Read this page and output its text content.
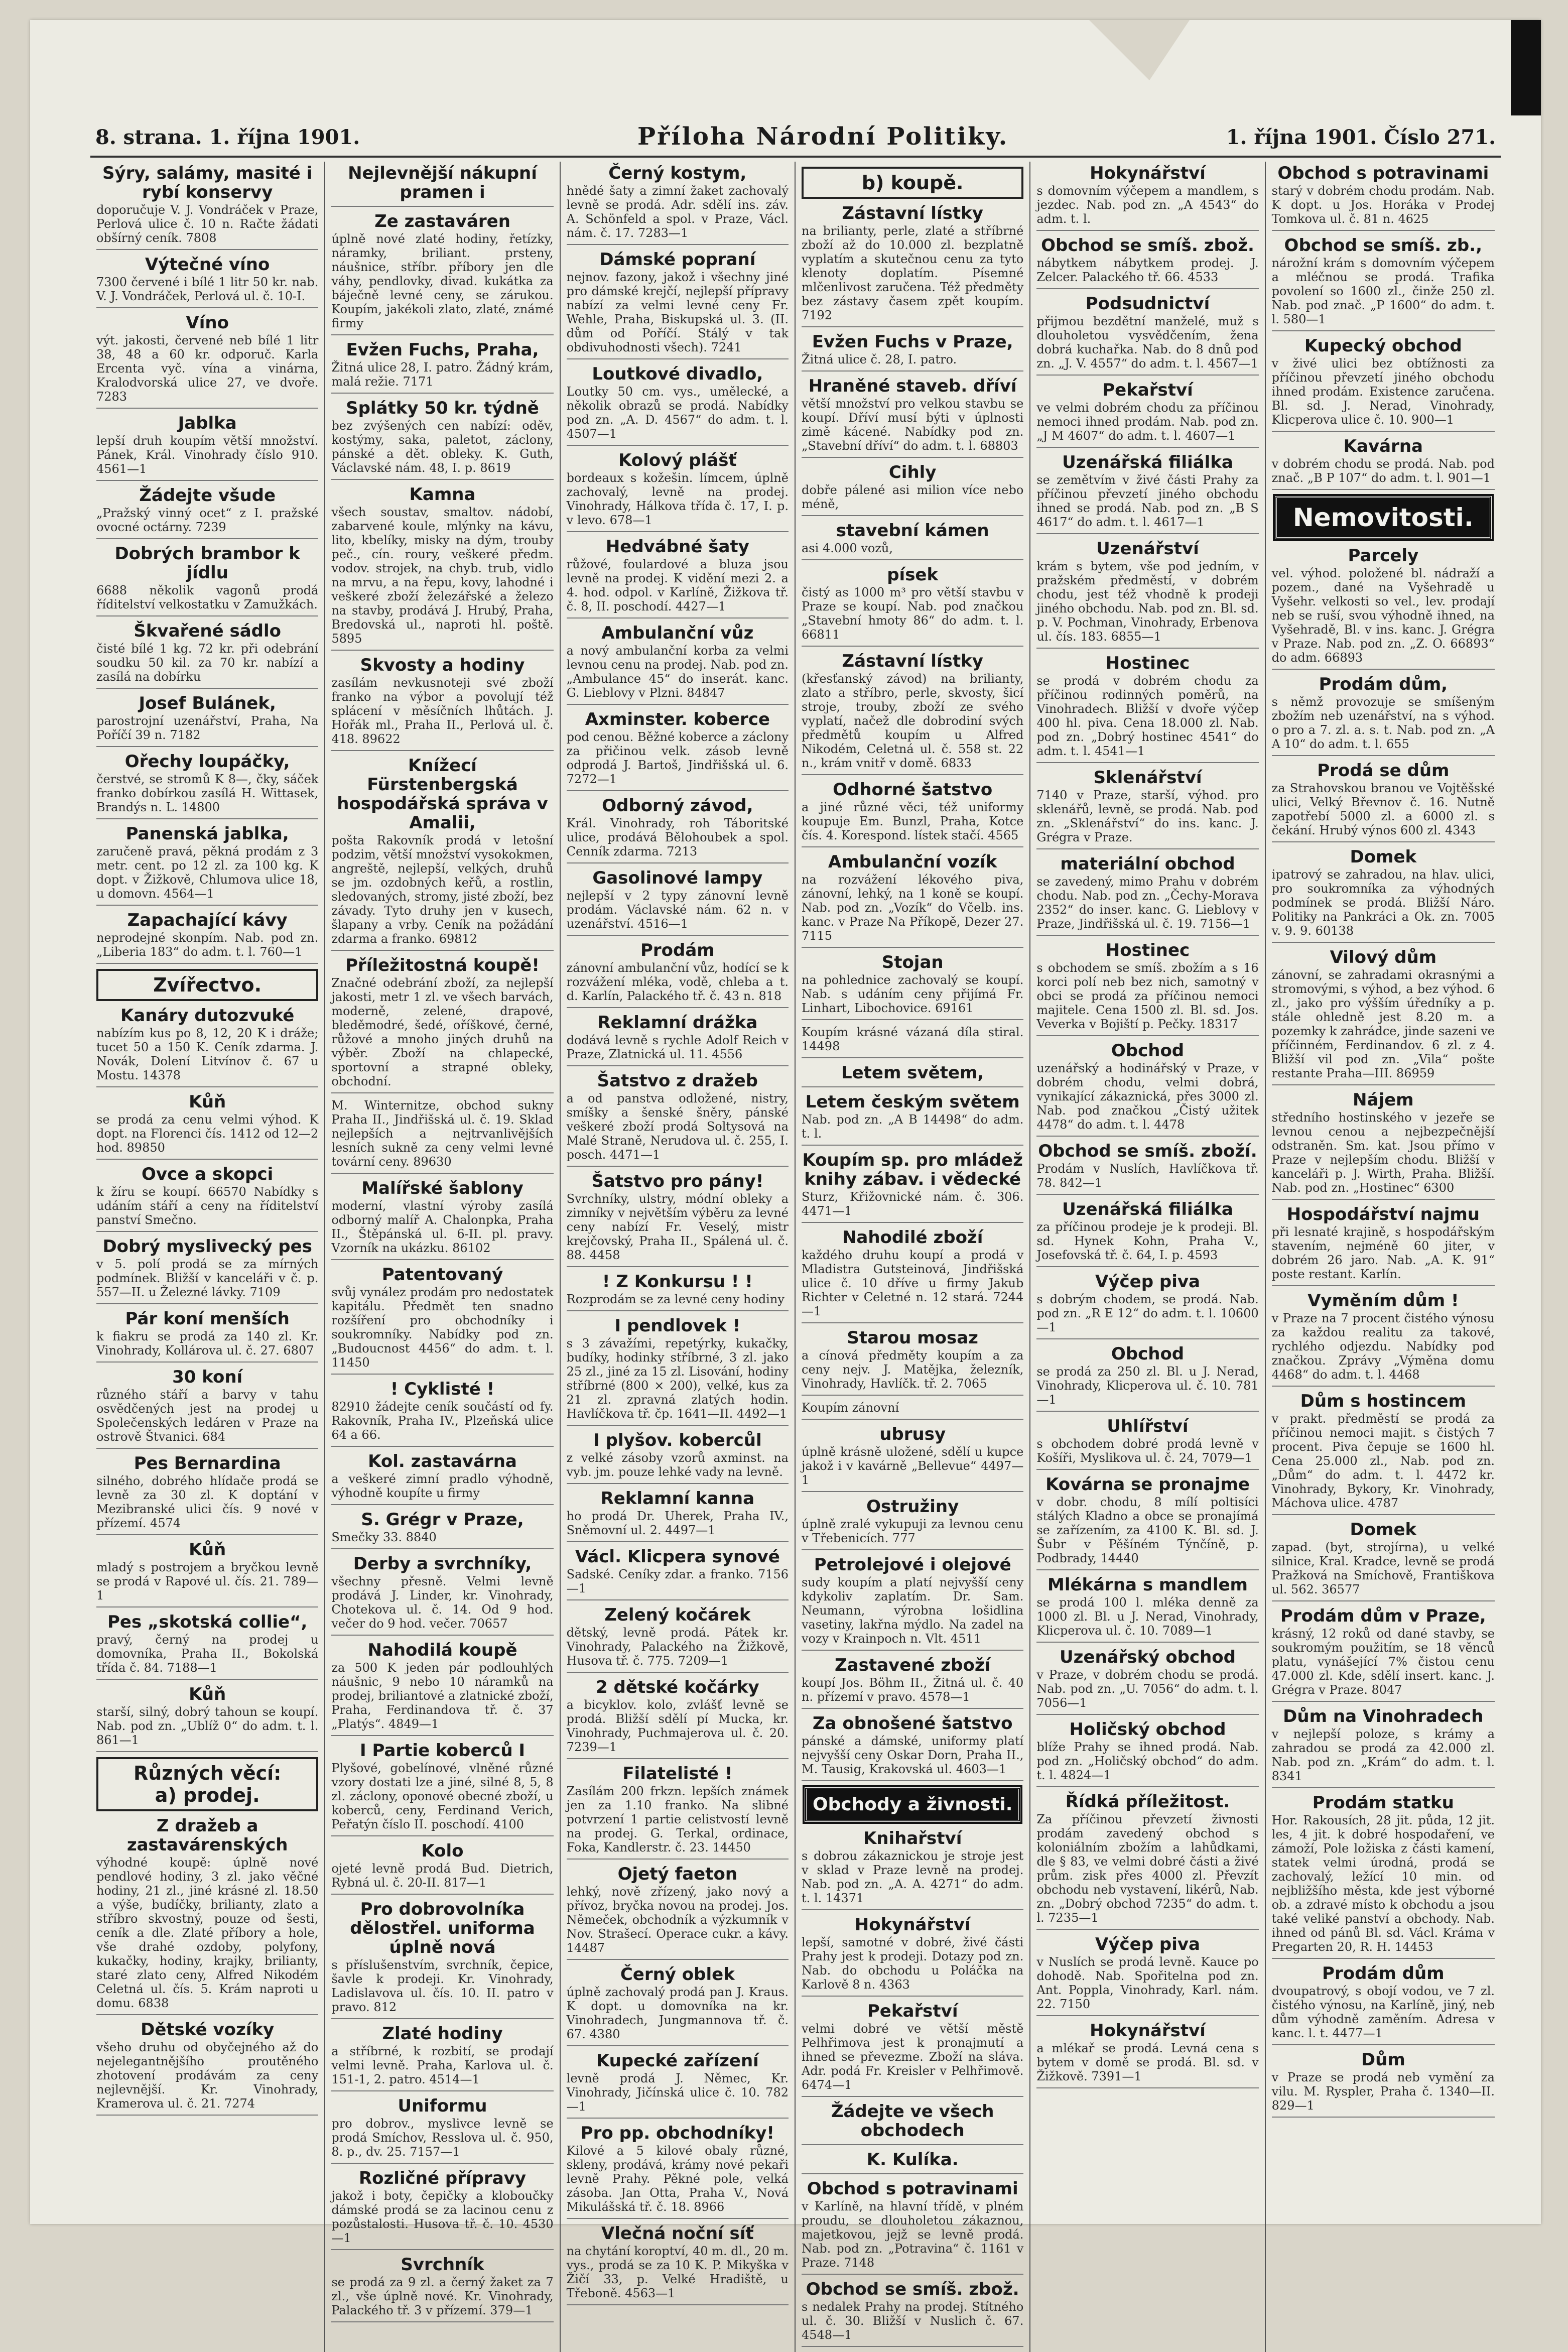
8. strana. 1. října 1901.	Příloha Národní Politiky.	1. října 1901. Číslo 271.
Sýry, salámy, masité i rybí konservy
doporučuje V. J. Vondráček v Praze, Perlová ulice č. 10 n. Račte žádati obšírný ceník. 7808
Výtečné víno
7300 červené i bílé 1 litr 50 kr. nab. V. J. Vondráček, Perlová ul. č. 10-I.
Víno
výt. jakosti, červené neb bílé 1 litr 38, 48 a 60 kr. odporuč. Karla Ercenta vyč. vína a vinárna, Kralodvorská ulice 27, ve dvoře. 7283
Jablka
lepší druh koupím větší množství. Pánek, Král. Vinohrady číslo 910. 4561—1
Žádejte všude
„Pražský vinný ocet“ z I. pražské ovocné octárny. 7239
Dobrých brambor k jídlu
6688 několik vagonů prodá říditelství velkostatku v Zamužkách.
Škvařené sádlo
čisté bílé 1 kg. 72 kr. při odebrání soudku 50 kil. za 70 kr. nabízí a zasílá na dobírku
Josef Bulánek,
parostrojní uzenářství, Praha, Na Poříčí 39 n. 7182
Ořechy loupáčky,
čerstvé, se stromů K 8—, čky, sáček franko dobírkou zasílá H. Wittasek, Brandýs n. L. 14800
Panenská jablka,
zaručeně pravá, pěkná prodám z 3 metr. cent. po 12 zl. za 100 kg. K dopt. v Žižkově, Chlumova ulice 18, u domovn. 4564—1
Zapachající kávy
neprodejné skonpím. Nab. pod zn. „Liberia 183“ do adm. t. l. 760—1
Zvířectvo.
Kanáry dutozvuké
nabízím kus po 8, 12, 20 K i dráže; tucet 50 a 150 K. Ceník zdarma. J. Novák, Dolení Litvínov č. 67 u Mostu. 14378
Kůň
se prodá za cenu velmi výhod. K dopt. na Florenci čís. 1412 od 12—2 hod. 89850
Ovce a skopci
k žíru se koupí. 66570 Nabídky s udáním stáří a ceny na říditelství panství Smečno.
Dobrý myslivecký pes
v 5. polí prodá se za mírných podmínek. Bližší v kanceláři v č. p. 557—II. u Železné lávky. 7109
Pár koní menších
k fiakru se prodá za 140 zl. Kr. Vinohrady, Kollárova ul. č. 27. 6807
30 koní
různého stáří a barvy v tahu osvědčených jest na prodej u Společenských ledáren v Praze na ostrově Štvanici. 684
Pes Bernardina
silného, dobrého hlídače prodá se levně za 30 zl. K doptání v Mezibranské ulici čís. 9 nové v přízemí. 4574
Kůň
mladý s postrojem a bryčkou levně se prodá v Rapové ul. čís. 21. 789—1
Pes „skotská collie“,
pravý, černý na prodej u domovníka, Praha II., Bokolská třída č. 84. 7188—1
Kůň
starší, silný, dobrý tahoun se koupí. Nab. pod zn. „Ublíž 0“ do adm. t. l. 861—1
Různých věcí:
a) prodej.
Z dražeb a zastavárenských
výhodné koupě: úplně nové pendlové hodiny, 3 zl. jako věčné hodiny, 21 zl., jiné krásné zl. 18.50 a výše, budíčky, brilianty, zlato a stříbro skvostný, pouze od šesti, ceník a dle. Zlaté příbory a hole, vše drahé ozdoby, polyfony, kukačky, hodiny, krajky, brilianty, staré zlato ceny, Alfred Nikodém Celetná ul. čís. 5. Krám naproti u domu. 6838
Dětské vozíky
všeho druhu od obyčejného až do nejelegantnějšího proutěného zhotovení prodávám za ceny nejlevnější. Kr. Vinohrady, Kramerova ul. č. 21. 7274
Nejlevnější nákupní pramen i
Ze zastaváren
úplně nové zlaté hodiny, řetízky, náramky, briliant. prsteny, náušnice, stříbr. příbory jen dle váhy, pendlovky, divad. kukátka za báječně levné ceny, se zárukou. Koupím, jakékoli zlato, zlaté, známé firmy
Evžen Fuchs, Praha,
Žitná ulice 28, I. patro. Žádný krám, malá režie. 7171
Splátky 50 kr. týdně
bez zvýšených cen nabízí: oděv, kostýmy, saka, paletot, záclony, pánské a dět. obleky. K. Guth, Václavské nám. 48, I. p. 8619
Kamna
všech soustav, smaltov. nádobí, zabarvené koule, mlýnky na kávu, lito, kbelíky, misky na dým, trouby peč., cín. roury, veškeré předm. vodov. strojek, na chyb. trub, vidlo na mrvu, a na řepu, kovy, lahodné i veškeré zboží železářské a železo na stavby, prodává J. Hrubý, Praha, Bredovská ul., naproti hl. poště. 5895
Skvosty a hodiny
zasílám nevkusnoteji své zboží franko na výbor a povolují též splácení v měsíčních lhůtách. J. Hořák ml., Praha II., Perlová ul. č. 418. 89622
Knížecí Fürstenbergská hospodářská správa v Amalii,
pošta Rakovník prodá v letošní podzim, větší množství vysokokmen, angreště, nejlepší, velkých, druhů se jm. ozdobných keřů, a rostlin, sledovaných, stromy, jisté zboží, bez závady. Tyto druhy jen v kusech, šlapany a vrby. Ceník na požádání zdarma a franko. 69812
Příležitostná koupě!
Značné odebrání zboží, za nejlepší jakosti, metr 1 zl. ve všech barvách, moderně, zelené, drapové, bleděmodré, šedé, oříškové, černé, růžové a mnoho jiných druhů na výběr. Zboží na chlapecké, sportovní a strapné obleky, obchodní.
M. Winternitze, obchod sukny Praha II., Jindřišská ul. č. 19. Sklad nejlepších a nejtrvanlivějších lesních sukně za ceny velmi levné tovární ceny. 89630
Malířské šablony
moderní, vlastní výroby zasílá odborný malíř A. Chalonpka, Praha II., Štěpánská ul. 6-II. pl. pravy. Vzorník na ukázku. 86102
Patentovaný
svůj vynález prodám pro nedostatek kapitálu. Předmět ten snadno rozšíření pro obchodníky i soukromníky. Nabídky pod zn. „Budoucnost 4456“ do adm. t. l. 11450
! Cyklisté !
82910 žádejte ceník součástí od fy. Rakovník, Praha IV., Plzeňská ulice 64 a 66.
Kol. zastavárna
a veškeré zimní pradlo výhodně, výhodně koupíte u firmy
S. Grégr v Praze,
Smečky 33. 8840
Derby a svrchníky,
všechny přesně. Velmi levně prodává J. Linder, kr. Vinohrady, Chotekova ul. č. 14. Od 9 hod. večer do 9 hod. večer. 70657
Nahodilá koupě
za 500 K jeden pár podlouhlých náušnic, 9 nebo 10 náramků na prodej, briliantové a zlatnické zboží, Praha, Ferdinandova tř. č. 37 „Platýs“. 4849—1
I Partie koberců I
Plyšové, gobelínové, vlněné různé vzory dostati lze a jiné, silné 8, 5, 8 zl. záclony, oponové obecné zboží, u koberců, ceny, Ferdinand Verich, Peřatýn číslo II. poschodí. 4100
Kolo
ojeté levně prodá Bud. Dietrich, Rybná ul. č. 20-II. 817—1
Pro dobrovolníka dělostřel. uniforma úplně nová
s příslušenstvím, svrchník, čepice, šavle k prodeji. Kr. Vinohrady, Ladislavova ul. čís. 10. II. patro v pravo. 812
Zlaté hodiny
a stříbrné, k rozbití, se prodají velmi levně. Praha, Karlova ul. č. 151-1, 2. patro. 4514—1
Uniformu
pro dobrov., myslivce levně se prodá Smíchov, Resslova ul. č. 950, 8. p., dv. 25. 7157—1
Rozličné přípravy
jakož i boty, čepičky a kloboučky dámské prodá se za lacinou cenu z pozůstalosti. Husova tř. č. 10. 4530—1
Svrchník
se prodá za 9 zl. a černý žaket za 7 zl., vše úplně nové. Kr. Vinohrady, Palackého tř. 3 v přízemí. 379—1
Černý kostym,
hnědé šaty a zimní žaket zachovalý levně se prodá. Adr. sdělí ins. záv. A. Schönfeld a spol. v Praze, Václ. nám. č. 17. 7283—1
Dámské popraní
nejnov. fazony, jakož i všechny jiné pro dámské krejčí, nejlepší přípravy nabízí za velmi levné ceny Fr. Wehle, Praha, Biskupská ul. 3. (II. dům od Poříčí. Stálý v tak obdivuhodnosti všech). 7241
Loutkové divadlo,
Loutky 50 cm. vys., umělecké, a několik obrazů se prodá. Nabídky pod zn. „A. D. 4567“ do adm. t. l. 4507—1
Kolový plášť
bordeaux s kožešin. límcem, úplně zachovalý, levně na prodej. Vinohrady, Hálkova třída č. 17, I. p. v levo. 678—1
Hedvábné šaty
růžové, foulardové a bluza jsou levně na prodej. K vidění mezi 2. a 4. hod. odpol. v Karlíně, Žižkova tř. č. 8, II. poschodí. 4427—1
Ambulanční vůz
a nový ambulanční korba za velmi levnou cenu na prodej. Nab. pod zn. „Ambulance 45“ do inserát. kanc. G. Lieblovy v Plzni. 84847
Axminster. koberce
pod cenou. Běžné koberce a záclony za přičinou velk. zásob levně odprodá J. Bartoš, Jindřišská ul. 6. 7272—1
Odborný závod,
Král. Vinohrady, roh Táboritské ulice, prodává Bělohoubek a spol. Cenník zdarma. 7213
Gasolinové lampy
nejlepší v 2 typy zánovní levně prodám. Václavské nám. 62 n. v uzenářství. 4516—1
Prodám
zánovní ambulanční vůz, hodící se k rozvážení mléka, vodě, chleba a t. d. Karlín, Palackého tř. č. 43 n. 818
Reklamní drážka
dodává levně s rychle Adolf Reich v Praze, Zlatnická ul. 11. 4556
Šatstvo z dražeb
a od panstva odložené, nistry, smíšky a šenské šněry, pánské veškeré zboží prodá Soltysová na Malé Straně, Nerudova ul. č. 255, I. posch. 4471—1
Šatstvo pro pány!
Svrchníky, ulstry, módní obleky a zimníky v největším výběru za levné ceny nabízí Fr. Veselý, mistr krejčovský, Praha II., Spálená ul. č. 88. 4458
! Z Konkursu ! !
Rozprodám se za levné ceny hodiny
I pendlovek !
s 3 závažími, repetýrky, kukačky, budíky, hodinky stříbrné, 3 zl. jako 25 zl., jiné za 15 zl. Lisování, hodiny stříbrné (800 × 200), velké, kus za 21 zl. zpravná zlatých hodin. Havlíčkova tř. čp. 1641—II. 4492—1
I plyšov. kobercůl
z velké zásoby vzorů axminst. na vyb. jm. pouze lehké vady na levně.
Reklamní kanna
ho prodá Dr. Uherek, Praha IV., Sněmovní ul. 2. 4497—1
Václ. Klicpera synové
Sadské. Ceníky zdar. a franko. 7156—1
Zelený kočárek
dětský, levně prodá. Pátek kr. Vinohrady, Palackého na Žižkově, Husova tř. č. 775. 7209—1
2 dětské kočárky
a bicyklov. kolo, zvlášť levně se prodá. Bližší sdělí pí Mucka, kr. Vinohrady, Puchmajerova ul. č. 20. 7239—1
Filatelisté !
Zasílám 200 frkzn. lepších známek jen za 1.10 franko. Na slibné potvrzení 1 partie celistvostí levně na prodej. G. Terkal, ordinace, Foka, Kandlerstr. č. 23. 14450
Ojetý faeton
lehký, nově zřízený, jako nový a přívoz, bryčka novou na prodej. Jos. Němeček, obchodník a výzkumník v Nov. Strašecí. Operace cukr. a kávy. 14487
Černý oblek
úplně zachovalý prodá pan J. Kraus. K dopt. u domovníka na kr. Vinohradech, Jungmannova tř. č. 67. 4380
Kupecké zařízení
levně prodá J. Němec, Kr. Vinohrady, Jičínská ulice č. 10. 782—1
Pro pp. obchodníky!
Kilové a 5 kilové obaly různé, skleny, prodává, krámy nové pekaři levně Prahy. Pěkné pole, velká zásoba. Jan Otta, Praha V., Nová Mikulášská tř. č. 18. 8966
Vlečná noční síť
na chytání koroptví, 40 m. dl., 20 m. vys., prodá se za 10 K. P. Mikyška v Žičí 33, p. Velké Hradiště, u Třeboně. 4563—1
b) koupě.
Zástavní lístky
na brilianty, perle, zlaté a stříbrné zboží až do 10.000 zl. bezplatně vyplatím a skutečnou cenu za tyto klenoty doplatím. Písemné mlčenlivost zaručena. Též předměty bez zástavy časem zpět koupím. 7192
Evžen Fuchs v Praze,
Žitná ulice č. 28, I. patro.
Hraněné staveb. dříví
větší množství pro velkou stavbu se koupí. Dříví musí býti v úplnosti zimě kácené. Nabídky pod zn. „Stavební dříví“ do adm. t. l. 68803
Cihly
dobře pálené asi milion více nebo méně,
stavební kámen
asi 4.000 vozů,
písek
čistý as 1000 m³ pro větší stavbu v Praze se koupí. Nab. pod značkou „Stavební hmoty 86“ do adm. t. l. 66811
Zástavní lístky
(křesťanský závod) na brilianty, zlato a stříbro, perle, skvosty, šicí stroje, trouby, zboží ze svého vyplatí, načež dle dobrodiní svých předmětů koupím u Alfred Nikodém, Celetná ul. č. 558 st. 22 n., krám vnitř v domě. 6833
Odhorné šatstvo
a jiné různé věci, též uniformy koupuje Em. Bunzl, Praha, Kotce čís. 4. Korespond. lístek stačí. 4565
Ambulanční vozík
na rozvážení lékového piva, zánovní, lehký, na 1 koně se koupí. Nab. pod zn. „Vozík“ do Včelb. ins. kanc. v Praze Na Příkopě, Dezer 27. 7115
Stojan
na pohlednice zachovalý se koupí. Nab. s udáním ceny přijímá Fr. Linhart, Libochovice. 69161
Koupím krásné vázaná díla stiral. 14498
Letem světem,
Letem českým světem
Nab. pod zn. „A B 14498“ do adm. t. l.
Koupím sp. pro mládež knihy zábav. i vědecké
Sturz, Křižovnické nám. č. 306. 4471—1
Nahodilé zboží
každého druhu koupí a prodá v Mladistra Gutsteinová, Jindřišská ulice č. 10 dříve u firmy Jakub Richter v Celetné n. 12 stará. 7244—1
Starou mosaz
a cínová předměty koupím a za ceny nejv. J. Matějka, železník, Vinohrady, Havlíčk. tř. 2. 7065
Koupím zánovní
ubrusy
úplně krásně uložené, sdělí u kupce jakož i v kavárně „Bellevue“ 4497—1
Ostružiny
úplně zralé vykupuji za levnou cenu v Třebenicích. 777
Petrolejové i olejové
sudy koupím a platí nejvyšší ceny kdykoliv zaplatím. Dr. Sam. Neumann, výrobna lošidlina vasetiny, lakřna mýdlo. Na zadel na vozy v Krainpoch n. Vlt. 4511
Zastavené zboží
koupí Jos. Böhm II., Žitná ul. č. 40 n. přízemí v pravo. 4578—1
Za obnošené šatstvo
pánské a dámské, uniformy platí nejvyšší ceny Oskar Dorn, Praha II., M. Tausig, Krakovská ul. 4603—1
Obchody a živnosti.
Knihařství
s dobrou zákaznickou je stroje jest v sklad v Praze levně na prodej. Nab. pod zn. „A. A. 4271“ do adm. t. l. 14371
Hokynářství
lepší, samotné v dobré, živé části Prahy jest k prodeji. Dotazy pod zn. Nab. do obchodu u Poláčka na Karlově 8 n. 4363
Pekařství
velmi dobré ve větší městě Pelhřimova jest k pronajmutí a ihned se převezme. Zboží na sláva. Adr. podá Fr. Kreisler v Pelhřimově. 6474—1
Žádejte ve všech obchodech
K. Kulíka.
Obchod s potravinami
v Karlíně, na hlavní třídě, v plném proudu, se dlouholetou zákaznou, majetkovou, jejž se levně prodá. Nab. pod zn. „Potravina“ č. 1161 v Praze. 7148
Obchod se smíš. zbož.
s nedalek Prahy na prodej. Stítného ul. č. 30. Bližší v Nuslich č. 67. 4548—1
Hokynářství
s domovním výčepem a mandlem, s jezdec. Nab. pod zn. „A 4543“ do adm. t. l.
Obchod se smíš. zbož.
nábytkem nábytkem prodej. J. Zelcer. Palackého tř. 66. 4533
Podsudnictví
přijmou bezdětní manželé, muž s dlouholetou vysvědčením, žena dobrá kuchařka. Nab. do 8 dnů pod zn. „J. V. 4557“ do adm. t. l. 4567—1
Pekařství
ve velmi dobrém chodu za příčinou nemoci ihned prodám. Nab. pod zn. „J M 4607“ do adm. t. l. 4607—1
Uzenářská filiálka
se zemětvím v živé části Prahy za příčinou převzetí jiného obchodu ihned se prodá. Nab. pod zn. „B S 4617“ do adm. t. l. 4617—1
Uzenářství
krám s bytem, vše pod jedním, v pražském předměstí, v dobrém chodu, jest též vhodně k prodeji jiného obchodu. Nab. pod zn. Bl. sd. p. V. Pochman, Vinohrady, Erbenova ul. čís. 183. 6855—1
Hostinec
se prodá v dobrém chodu za příčinou rodinných poměrů, na Vinohradech. Bližší v dvoře výčep 400 hl. piva. Cena 18.000 zl. Nab. pod zn. „Dobrý hostinec 4541“ do adm. t. l. 4541—1
Sklenářství
7140 v Praze, starší, výhod. pro sklenářů, levně, se prodá. Nab. pod zn. „Sklenářství“ do ins. kanc. J. Grégra v Praze.
materiální obchod
se zavedený, mimo Prahu v dobrém chodu. Nab. pod zn. „Čechy-Morava 2352“ do inser. kanc. G. Lieblovy v Praze, Jindřišská ul. č. 19. 7156—1
Hostinec
s obchodem se smíš. zbožím a s 16 korci polí neb bez nich, samotný v obci se prodá za příčinou nemoci majitele. Cena 1500 zl. Bl. sd. Jos. Veverka v Bojiští p. Pečky. 18317
Obchod
uzenářský a hodinářský v Praze, v dobrém chodu, velmi dobrá, vynikající zákaznická, přes 3000 zl. Nab. pod značkou „Čistý užitek 4478“ do adm. t. l. 4478
Obchod se smíš. zboží.
Prodám v Nuslích, Havlíčkova tř. 78. 842—1
Uzenářská filiálka
za příčinou prodeje je k prodeji. Bl. sd. Hynek Kohn, Praha V., Josefovská tř. č. 64, I. p. 4593
Výčep piva
s dobrým chodem, se prodá. Nab. pod zn. „R E 12“ do adm. t. l. 10600—1
Obchod
se prodá za 250 zl. Bl. u J. Nerad, Vinohrady, Klicperova ul. č. 10. 781—1
Uhlířství
s obchodem dobré prodá levně v Košíři, Myslikova ul. č. 24, 7079—1
Kovárna se pronajme
v dobr. chodu, 8 mílí poltisíci stálých Kladno a obce se pronajímá se zařízením, za 4100 K. Bl. sd. J. Šubr v Pěšíném Týnčíně, p. Podbrady, 14440
Mlékárna s mandlem
se prodá 100 l. mléka denně za 1000 zl. Bl. u J. Nerad, Vinohrady, Klicperova ul. č. 10. 7089—1
Uzenářský obchod
v Praze, v dobrém chodu se prodá. Nab. pod zn. „U. 7056“ do adm. t. l. 7056—1
Holičský obchod
blíže Prahy se ihned prodá. Nab. pod zn. „Holičský obchod“ do adm. t. l. 4824—1
Řídká příležitost.
Za příčinou převzetí živnosti prodám zavedený obchod s koloniálním zbožím a lahůdkami, dle § 83, ve velmi dobré části a živé prům. zisk přes 4000 zl. Převzít obchodu neb vystavení, likérů, Nab. zn. „Dobrý obchod 7235“ do adm. t. l. 7235—1
Výčep piva
v Nuslích se prodá levně. Kauce po dohodě. Nab. Spořitelna pod zn. Ant. Poppla, Vinohrady, Karl. nám. 22. 7150
Hokynářství
a mlékař se prodá. Levná cena s bytem v domě se prodá. Bl. sd. v Žižkově. 7391—1
Obchod s potravinami
starý v dobrém chodu prodám. Nab. K dopt. u Jos. Horáka v Prodej Tomkova ul. č. 81 n. 4625
Obchod se smíš. zb.,
nárožní krám s domovním výčepem a mléčnou se prodá. Trafika povolení so 1600 zl., činže 250 zl. Nab. pod znač. „P 1600“ do adm. t. l. 580—1
Kupecký obchod
v živé ulici bez obtížnosti za příčinou převzetí jiného obchodu ihned prodám. Existence zaručena. Bl. sd. J. Nerad, Vinohrady, Klicperova ulice č. 10. 900—1
Kavárna
v dobrém chodu se prodá. Nab. pod znač. „B P 107“ do adm. t. l. 901—1
Nemovitosti.
Parcely
vel. výhod. položené bl. nádraží a pozem., dané na Vyšehradě u Vyšehr. velkosti so vel., lev. prodají neb se ruší, svou výhodně ihned, na Vyšehradě, Bl. v ins. kanc. J. Grégra v Praze. Nab. pod zn. „Z. O. 66893“ do adm. 66893
Prodám dům,
s němž provozuje se smíšeným zbožím neb uzenářství, na s výhod. o pro a 7. zl. a. s. t. Nab. pod zn. „A A 10“ do adm. t. l. 655
Prodá se dům
za Strahovskou branou ve Vojtěšské ulici, Velký Břevnov č. 16. Nutně zapotřebí 5000 zl. a 6000 zl. s čekání. Hrubý výnos 600 zl. 4343
Domek
ipatrový se zahradou, na hlav. ulici, pro soukromníka za výhodných podmínek se prodá. Bližší Náro. Politiky na Pankráci a Ok. zn. 7005 v. 9. 9. 60138
Vilový dům
zánovní, se zahradami okrasnými a stromovými, s výhod, a bez výhod. 6 zl., jako pro výšším úředníky a p. stále ohledně jest 8.20 m. a pozemky k zahrádce, jinde sazeni ve příčinném, Ferdinandov. 6 zl. z 4. Bližší vil pod zn. „Vila“ pošte restante Praha—III. 86959
Nájem
středního hostinského v jezeře se levnou cenou a nejbezpečnější odstraněn. Sm. kat. Jsou přímo v Praze v nejlepším chodu. Bližší v kanceláři p. J. Wirth, Praha. Bližší. Nab. pod zn. „Hostinec“ 6300
Hospodářství najmu
při lesnaté krajině, s hospodářským stavením, nejméně 60 jiter, v dobrém 26 jaro. Nab. „A. K. 91“ poste restant. Karlín.
Vyměním dům !
v Praze na 7 procent čistého výnosu za každou realitu za takové, rychlého odjezdu. Nabídky pod značkou. Zprávy „Výměna domu 4468“ do adm. t. l. 4468
Dům s hostincem
v prakt. předměstí se prodá za příčinou nemoci majit. s čistých 7 procent. Piva čepuje se 1600 hl. Cena 25.000 zl., Nab. pod zn. „Dům“ do adm. t. l. 4472 kr. Vinohrady, Bykory, Kr. Vinohrady, Máchova ulice. 4787
Domek
zapad. (byt, strojírna), u velké silnice, Kral. Kradce, levně se prodá Pražková na Smíchově, Františkova ul. 562. 36577
Prodám dům v Praze,
krásný, 12 roků od dané stavby, se soukromým použitím, se 18 věnců platu, vynášející 7% čistou cenu 47.000 zl. Kde, sdělí insert. kanc. J. Grégra v Praze. 8047
Dům na Vinohradech
v nejlepší poloze, s krámy a zahradou se prodá za 42.000 zl. Nab. pod zn. „Krám“ do adm. t. l. 8341
Prodám statku
Hor. Rakousích, 28 jit. půda, 12 jit. les, 4 jit. k dobré hospodaření, ve zámoží, Pole ložiska z části kamení, statek velmi úrodná, prodá se zachovalý, ležící 10 min. od nejbližšího města, kde jest výborné ob. a zdravé místo k obchodu a jsou také veliké panství a obchody. Nab. ihned od pánů Bl. sd. Václ. Kráma v Pregarten 20, R. H. 14453
Prodám dům
dvoupatrový, s obojí vodou, ve 7 zl. čistého výnosu, na Karlíně, jiný, neb dům výhodně zaměním. Adresa v kanc. l. t. 4477—1
Dům
v Praze se prodá neb vymění za vilu. M. Ryspler, Praha č. 1340—II. 829—1
